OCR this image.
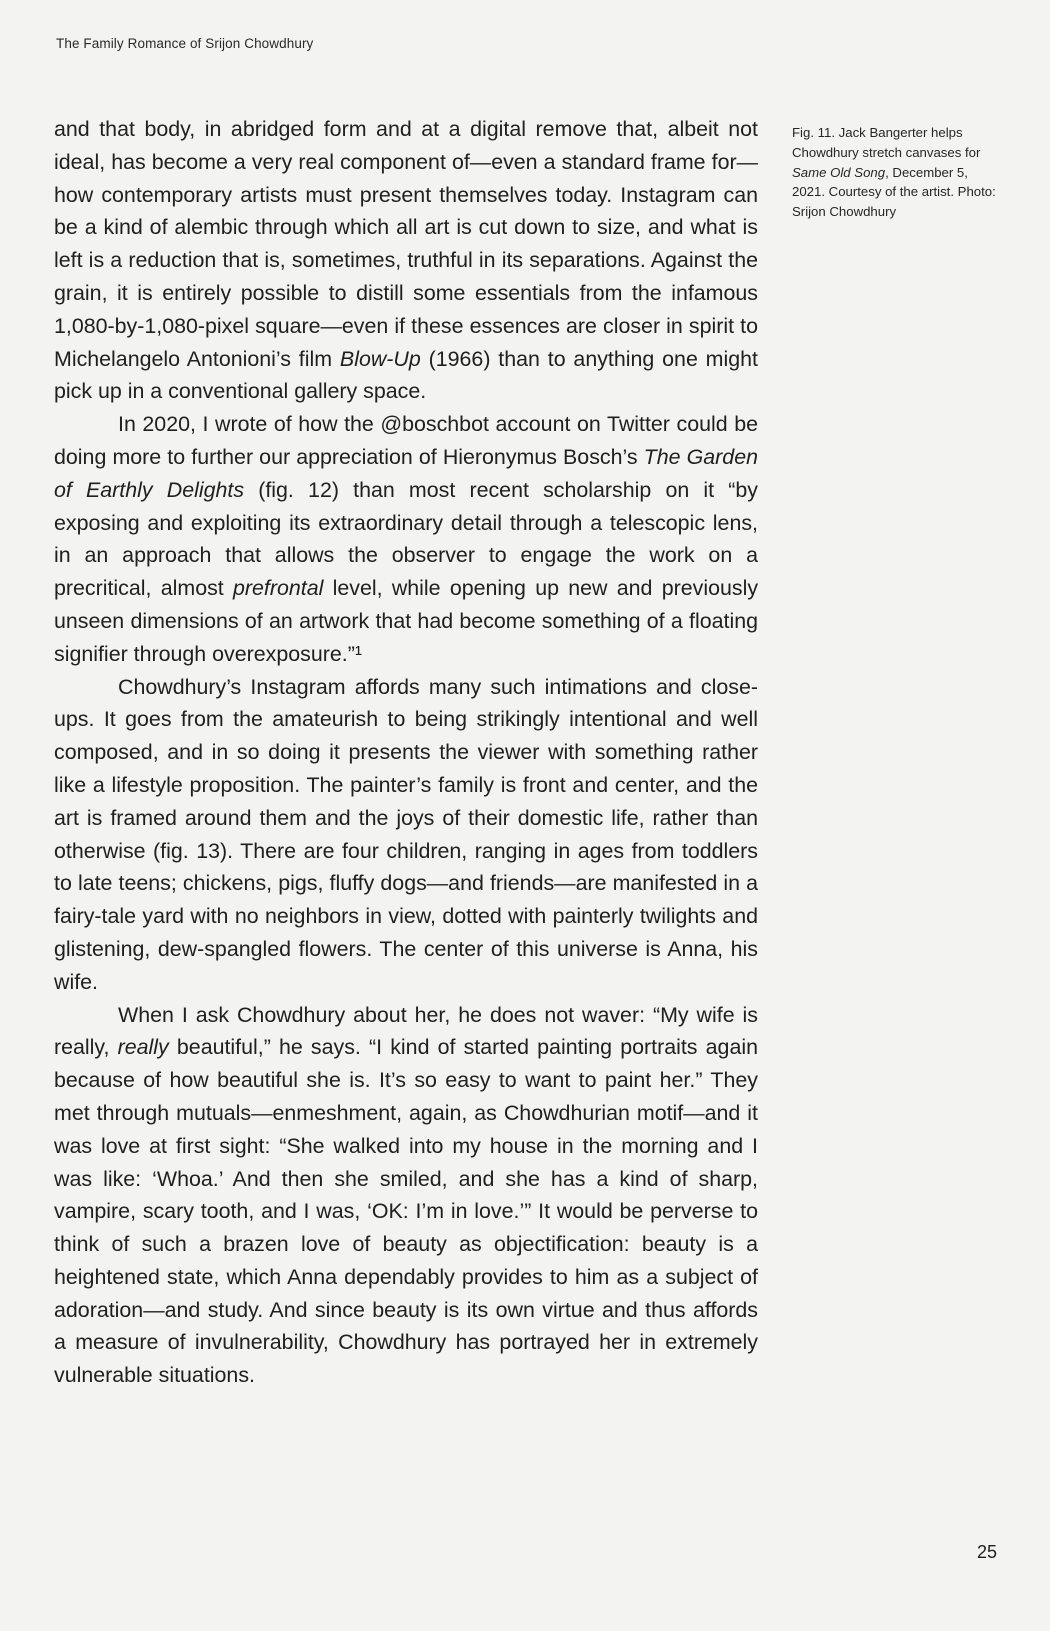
The Family Romance of Srijon Chowdhury

and that body, in abridged form and at a digital remove that, albeit not ideal, has become a very real component of—even a standard frame for—how contemporary artists must present themselves today. Instagram can be a kind of alembic through which all art is cut down to size, and what is left is a reduction that is, sometimes, truthful in its separations. Against the grain, it is entirely possible to distill some essentials from the infamous 1,080-by-1,080-pixel square—even if these essences are closer in spirit to Michelangelo Antonioni’s film Blow-Up (1966) than to anything one might pick up in a conventional gallery space.

In 2020, I wrote of how the @boschbot account on Twitter could be doing more to further our appreciation of Hieronymus Bosch’s The Garden of Earthly Delights (fig. 12) than most recent scholarship on it “by exposing and exploiting its extraordinary detail through a telescopic lens, in an approach that allows the observer to engage the work on a precritical, almost prefrontal level, while opening up new and previously unseen dimensions of an artwork that had become something of a floating signifier through overexposure.”¹

Chowdhury’s Instagram affords many such intimations and close-ups. It goes from the amateurish to being strikingly intentional and well composed, and in so doing it presents the viewer with something rather like a lifestyle proposition. The painter’s family is front and center, and the art is framed around them and the joys of their domestic life, rather than otherwise (fig. 13). There are four children, ranging in ages from toddlers to late teens; chickens, pigs, fluffy dogs—and friends—are manifested in a fairy-tale yard with no neighbors in view, dotted with painterly twilights and glistening, dew-spangled flowers. The center of this universe is Anna, his wife.

When I ask Chowdhury about her, he does not waver: “My wife is really, really beautiful,” he says. “I kind of started painting portraits again because of how beautiful she is. It’s so easy to want to paint her.” They met through mutuals—enmeshment, again, as Chowdhurian motif—and it was love at first sight: “She walked into my house in the morning and I was like: ‘Whoa.’ And then she smiled, and she has a kind of sharp, vampire, scary tooth, and I was, ‘OK: I’m in love.’” It would be perverse to think of such a brazen love of beauty as objectification: beauty is a heightened state, which Anna dependably provides to him as a subject of adoration—and study. And since beauty is its own virtue and thus affords a measure of invulnerability, Chowdhury has portrayed her in extremely vulnerable situations.

Fig. 11. Jack Bangerter helps Chowdhury stretch canvases for Same Old Song, December 5, 2021. Courtesy of the artist. Photo: Srijon Chowdhury
25
